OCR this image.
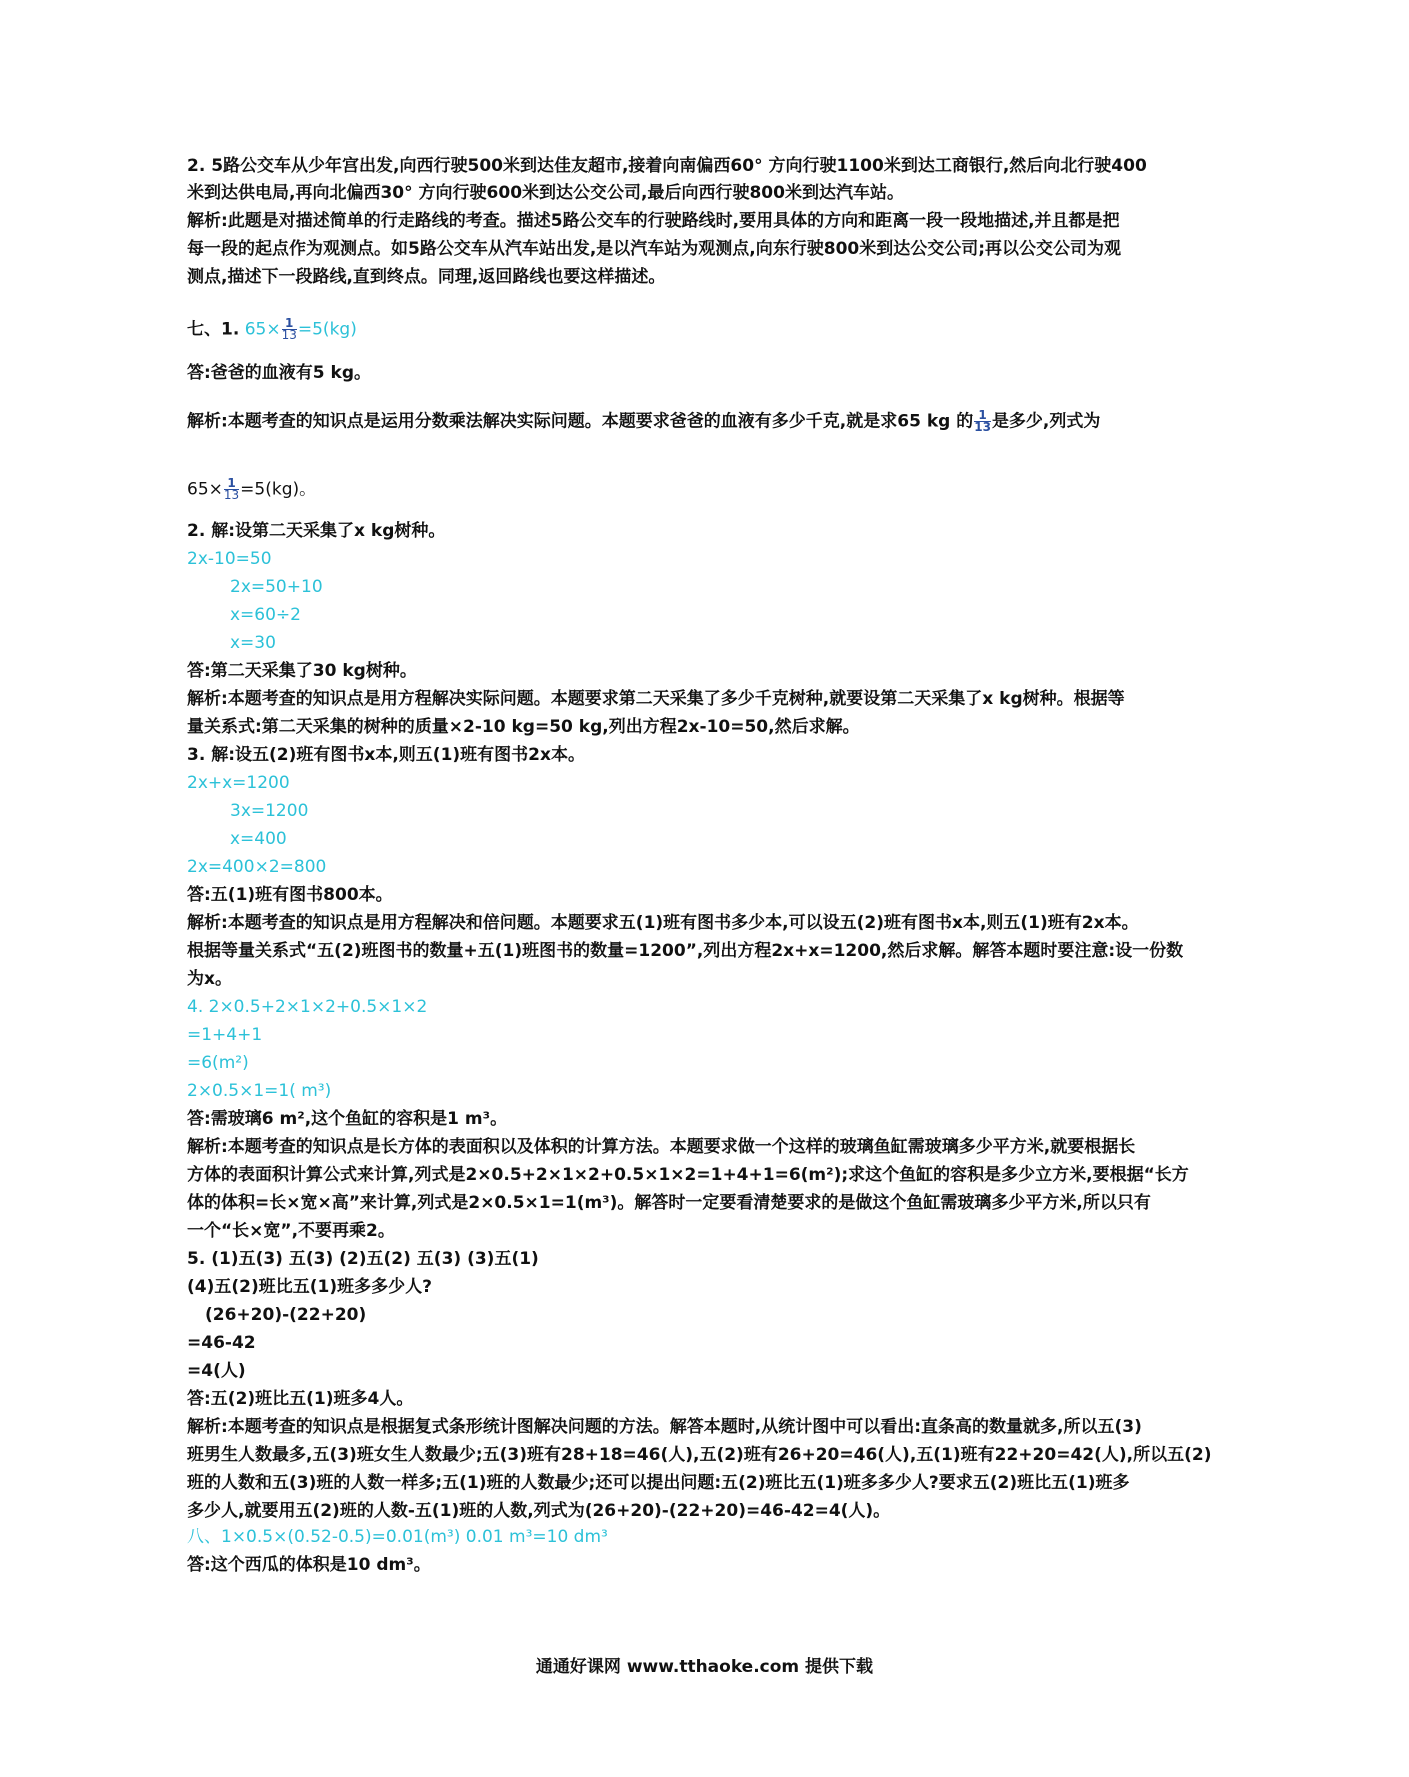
2. 5路公交车从少年宫出发,向西行驶500米到达佳友超市,接着向南偏西60° 方向行驶1100米到达工商银行,然后向北行驶400
米到达供电局,再向北偏西30° 方向行驶600米到达公交公司,最后向西行驶800米到达汽车站。
解析:此题是对描述简单的行走路线的考查。描述5路公交车的行驶路线时,要用具体的方向和距离一段一段地描述,并且都是把
每一段的起点作为观测点。如5路公交车从汽车站出发,是以汽车站为观测点,向东行驶800米到达公交公司;再以公交公司为观
测点,描述下一段路线,直到终点。同理,返回路线也要这样描述。
七、1. $65\times \frac{1}{13} =5(kg)$
答:爸爸的血液有5 kg。
解析:本题考查的知识点是运用分数乘法解决实际问题。本题要求爸爸的血液有多少千克,就是求65 kg 的 $\frac{1}{13}$ 是多少,列式为
$65\times \frac{1}{13} =5(kg)$。
2. 解:设第二天采集了x kg树种。
2x-10=50
2x=50+10
x=60÷2
x=30
答:第二天采集了30 kg树种。
解析:本题考查的知识点是用方程解决实际问题。本题要求第二天采集了多少千克树种,就要设第二天采集了x kg树种。根据等
量关系式:第二天采集的树种的质量×2-10 kg=50 kg,列出方程2x-10=50,然后求解。
3. 解:设五(2)班有图书x本,则五(1)班有图书2x本。
2x+x=1200
3x=1200
x=400
2x=400×2=800
答:五(1)班有图书800本。
解析:本题考查的知识点是用方程解决和倍问题。本题要求五(1)班有图书多少本,可以设五(2)班有图书x本,则五(1)班有2x本。
根据等量关系式“五(2)班图书的数量+五(1)班图书的数量=1200”,列出方程2x+x=1200,然后求解。解答本题时要注意:设一份数
为x。
4. 2×0.5+2×1×2+0.5×1×2
=1+4+1
=6(m²)
2×0.5×1=1( m³)
答:需玻璃6 m²,这个鱼缸的容积是1 m³。
解析:本题考查的知识点是长方体的表面积以及体积的计算方法。本题要求做一个这样的玻璃鱼缸需玻璃多少平方米,就要根据长
方体的表面积计算公式来计算,列式是2×0.5+2×1×2+0.5×1×2=1+4+1=6(m²);求这个鱼缸的容积是多少立方米,要根据“长方
体的体积=长×宽×高”来计算,列式是2×0.5×1=1(m³)。解答时一定要看清楚要求的是做这个鱼缸需玻璃多少平方米,所以只有
一个“长×宽”,不要再乘2。
5. (1)五(3) 五(3) (2)五(2) 五(3) (3)五(1)
(4)五(2)班比五(1)班多多少人?
(26+20)-(22+20)
=46-42
=4(人)
答:五(2)班比五(1)班多4人。
解析:本题考查的知识点是根据复式条形统计图解决问题的方法。解答本题时,从统计图中可以看出:直条高的数量就多,所以五(3)
班男生人数最多,五(3)班女生人数最少;五(3)班有28+18=46(人),五(2)班有26+20=46(人),五(1)班有22+20=42(人),所以五(2)
班的人数和五(3)班的人数一样多;五(1)班的人数最少;还可以提出问题:五(2)班比五(1)班多多少人?要求五(2)班比五(1)班多
多少人,就要用五(2)班的人数-五(1)班的人数,列式为(26+20)-(22+20)=46-42=4(人)。
八、1×0.5×(0.52-0.5)=0.01(m³) 0.01 m³=10 dm³
答:这个西瓜的体积是10 dm³。
通通好课网 www.tthaoke.com 提供下载
